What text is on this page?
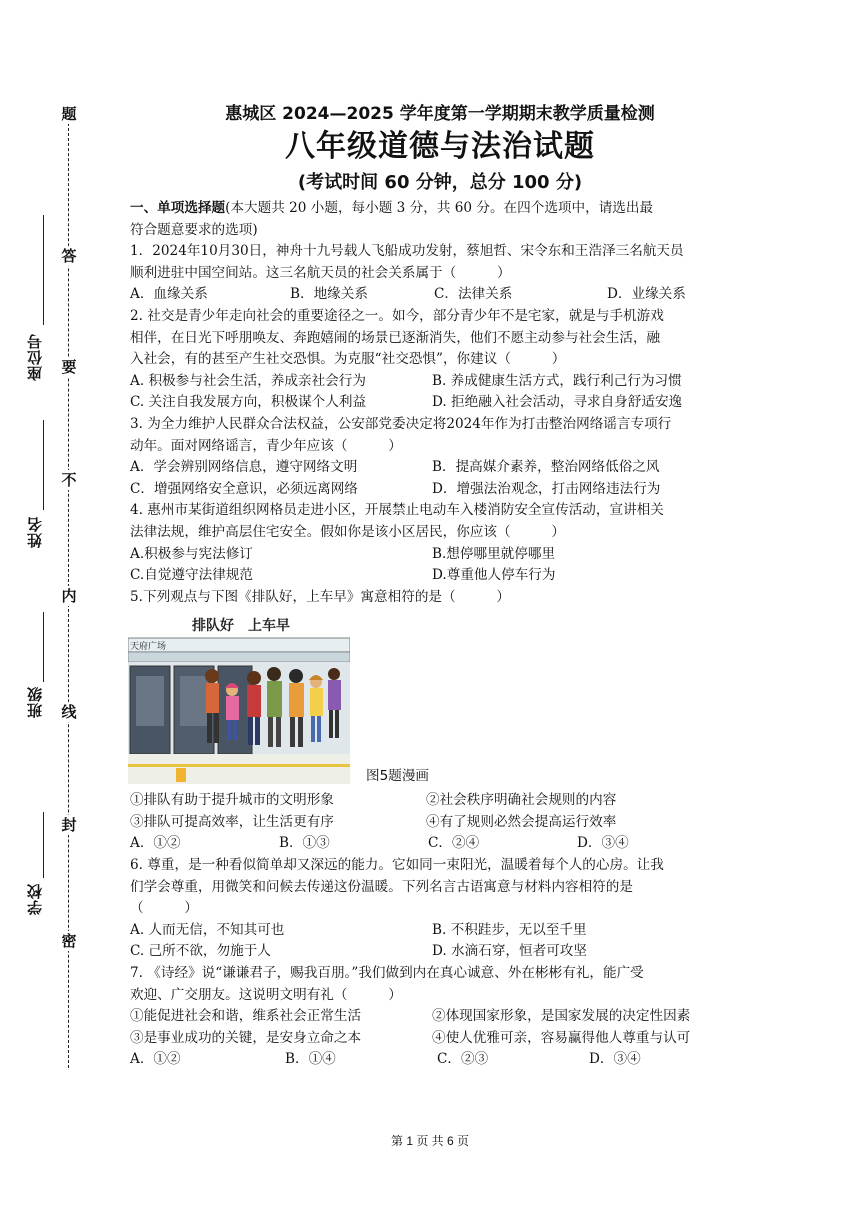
题
答
要
不
内
线
封
密
座位号
姓名
班级
学校
惠城区 2024—2025 学年度第一学期期末教学质量检测
八年级道德与法治试题
(考试时间 60 分钟，总分 100 分)
一、单项选择题(本大题共 20 小题，每小题 3 分，共 60 分。在四个选项中，请选出最
符合题意要求的选项)
1．2024年10月30日，神舟十九号载人飞船成功发射，蔡旭哲、宋令东和王浩泽三名航天员
顺利进驻中国空间站。这三名航天员的社会关系属于（　　　）
A．血缘关系	B．地缘关系	C．法律关系	D．业缘关系
2. 社交是青少年走向社会的重要途径之一。如今，部分青少年不是宅家，就是与手机游戏
相伴，在日光下呼朋唤友、奔跑嬉闹的场景已逐渐消失，他们不愿主动参与社会生活，融
入社会，有的甚至产生社交恐惧。为克服“社交恐惧”，你建议（　　　）
A. 积极参与社会生活，养成亲社会行为	B. 养成健康生活方式，践行利己行为习惯
C. 关注自我发展方向，积极谋个人利益	D. 拒绝融入社会活动，寻求自身舒适安逸
3. 为全力维护人民群众合法权益，公安部党委决定将2024年作为打击整治网络谣言专项行
动年。面对网络谣言，青少年应该（　　　）
A．学会辨别网络信息，遵守网络文明	B．提高媒介素养，整治网络低俗之风
C．增强网络安全意识，必须远离网络	D．增强法治观念，打击网络违法行为
4. 惠州市某街道组织网格员走进小区，开展禁止电动车入楼消防安全宣传活动，宣讲相关
法律法规，维护高层住宅安全。假如你是该小区居民，你应该（　　　）
A.积极参与宪法修订	B.想停哪里就停哪里
C.自觉遵守法律规范	D.尊重他人停车行为
5.下列观点与下图《排队好，上车早》寓意相符的是（　　　）
排队好　上车早
天府广场
图5题漫画
①排队有助于提升城市的文明形象	②社会秩序明确社会规则的内容
③排队可提高效率，让生活更有序	④有了规则必然会提高运行效率
A．①②	B．①③	C．②④	D．③④
6. 尊重，是一种看似简单却又深远的能力。它如同一束阳光，温暖着每个人的心房。让我
们学会尊重，用微笑和问候去传递这份温暖。下列名言古语寓意与材料内容相符的是
（　　　）
A. 人而无信，不知其可也	B. 不积跬步，无以至千里
C. 己所不欲，勿施于人	D. 水滴石穿，恒者可攻坚
7. 《诗经》说“谦谦君子，赐我百朋。”我们做到内在真心诚意、外在彬彬有礼，能广受
欢迎、广交朋友。这说明文明有礼（　　　）
①能促进社会和谐，维系社会正常生活	②体现国家形象，是国家发展的决定性因素
③是事业成功的关键，是安身立命之本	④使人优雅可亲，容易赢得他人尊重与认可
A．①②	B．①④	C．②③	D．③④
第 1 页 共 6 页
